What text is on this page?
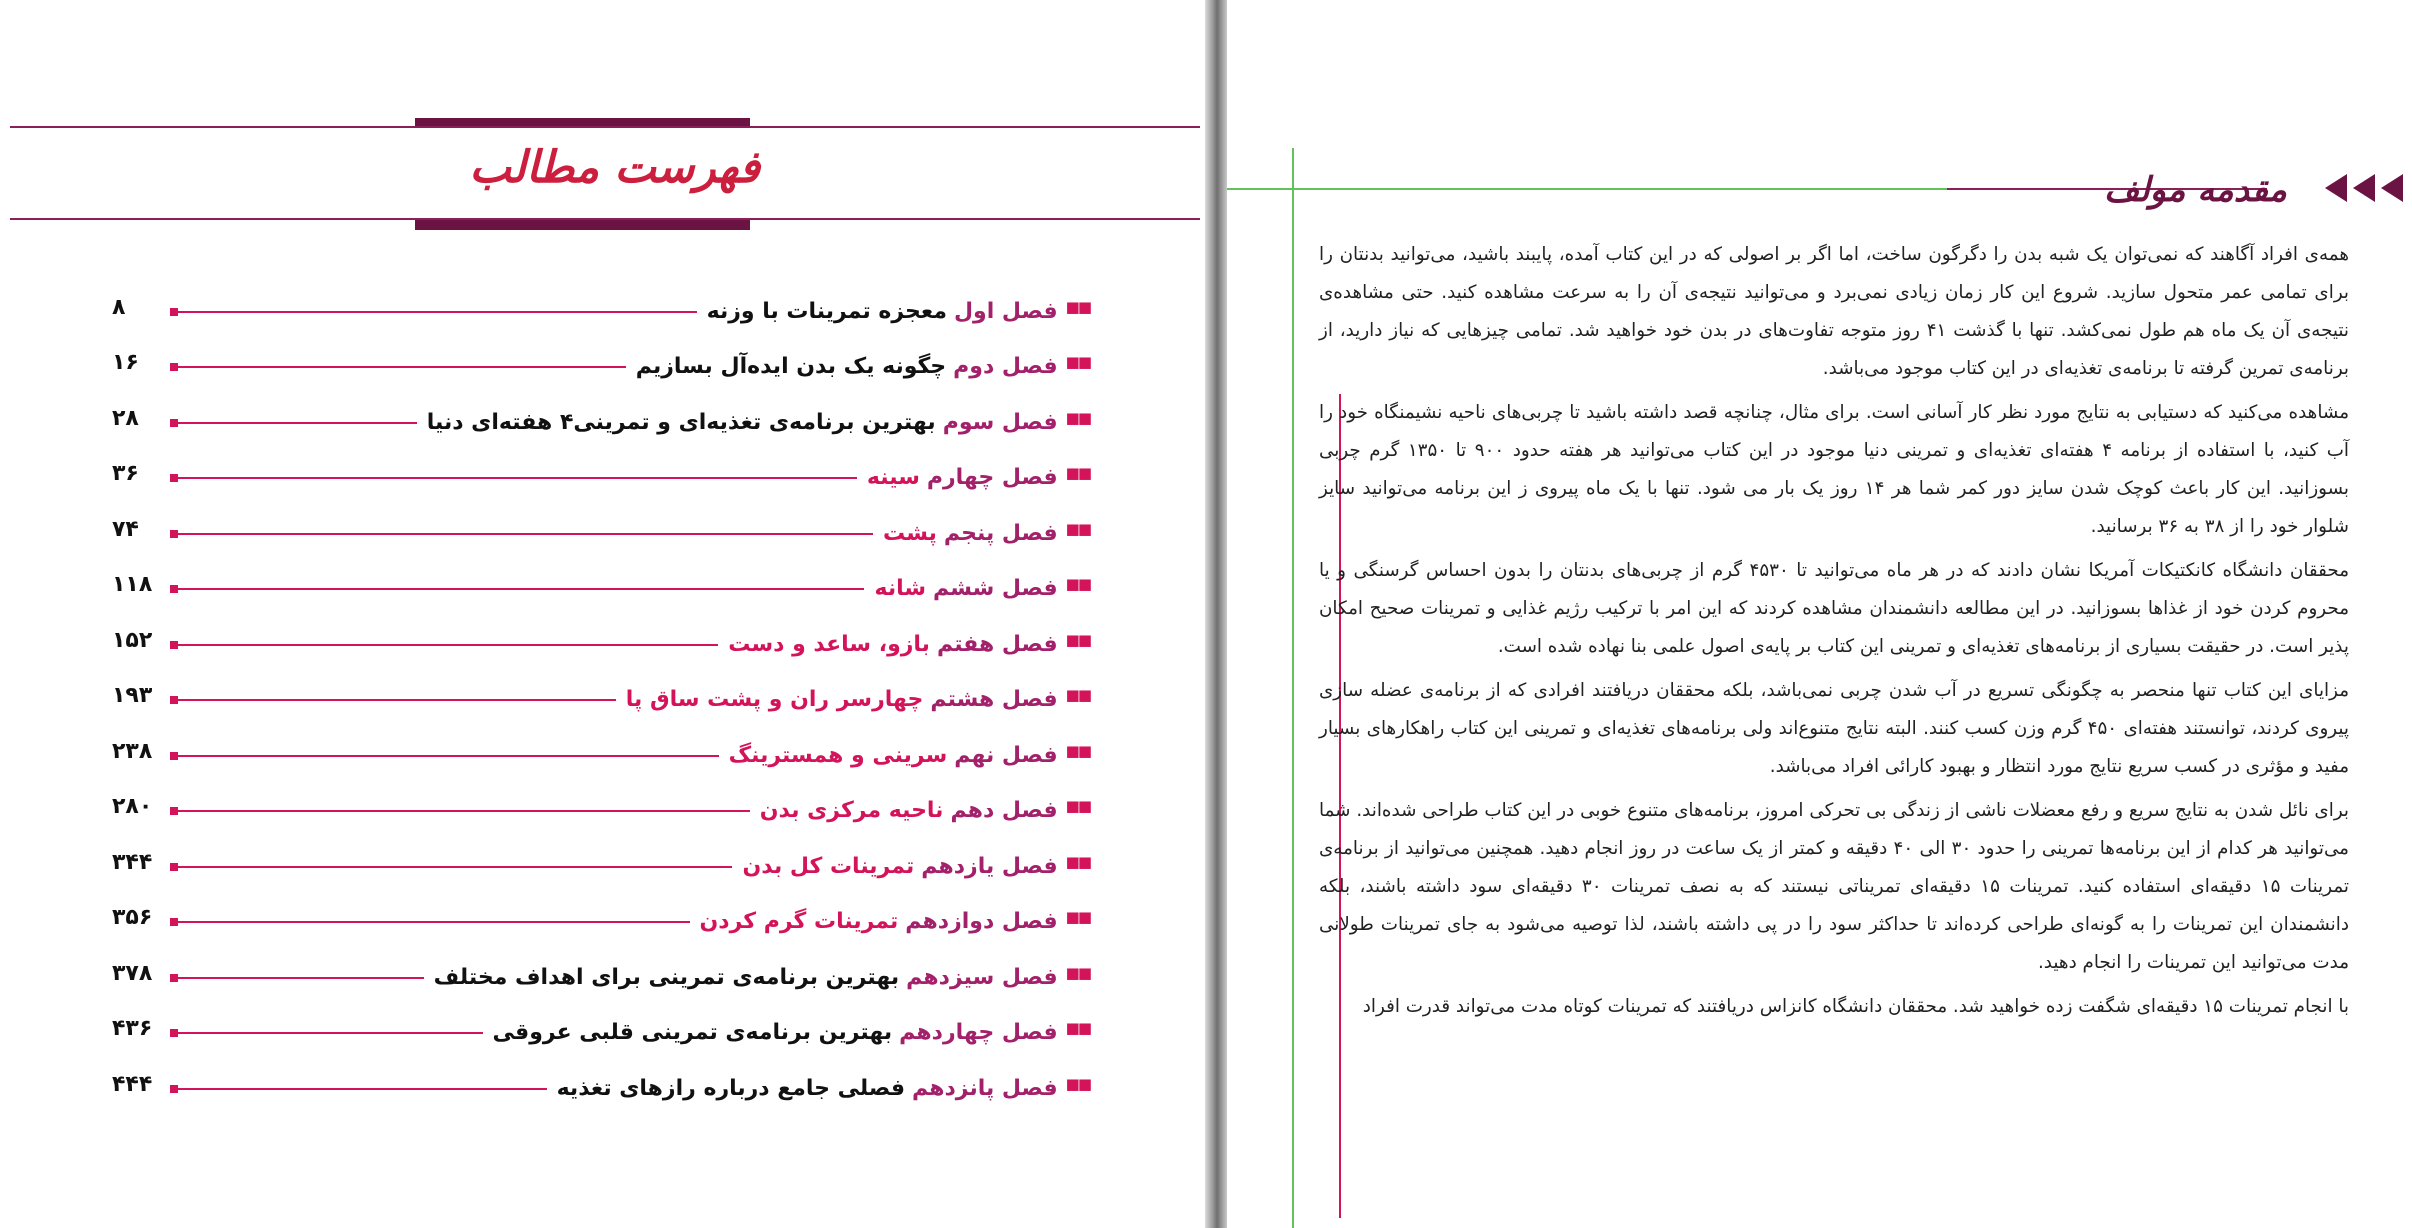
فهرست مطالب
■■
فصل اول
معجزه تمرینات با وزنه
۸
■■
فصل دوم
چگونه یک بدن ایده‌آل بسازیم
۱۶
■■
فصل سوم
بهترین برنامه‌ی تغذیه‌ای و تمرینی۴ هفته‌ای دنیا
۲۸
■■
فصل چهارم
سینه
۳۶
■■
فصل پنجم
پشت
۷۴
■■
فصل ششم
شانه
۱۱۸
■■
فصل هفتم
بازو، ساعد و دست
۱۵۲
■■
فصل هشتم
چهارسر ران و پشت ساق پا
۱۹۳
■■
فصل نهم
سرینی و همسترینگ
۲۳۸
■■
فصل دهم
ناحیه مرکزی بدن
۲۸۰
■■
فصل یازدهم
تمرینات کل بدن
۳۴۴
■■
فصل دوازدهم
تمرینات گرم کردن
۳۵۶
■■
فصل سیزدهم
بهترین برنامه‌ی تمرینی برای اهداف مختلف
۳۷۸
■■
فصل چهاردهم
بهترین برنامه‌ی تمرینی قلبی عروقی
۴۳۶
■■
فصل پانزدهم
فصلی جامع درباره رازهای تغذیه
۴۴۴
مقدمه مولف

همه‌ی افراد آگاهند که نمی‌توان یک شبه بدن را دگرگون ساخت، اما اگر بر اصولی که در این کتاب آمده، پایبند باشید، می‌توانید بدنتان را برای تمامی عمر متحول سازید. شروع این کار زمان زیادی نمی‌برد و می‌توانید نتیجه‌ی آن را به سرعت مشاهده کنید. حتی مشاهده‌ی نتیجه‌ی آن یک ماه هم طول نمی‌کشد. تنها با گذشت ۴۱ روز متوجه تفاوت‌های در بدن خود خواهید شد. تمامی چیزهایی که نیاز دارید، از برنامه‌ی تمرین گرفته تا برنامه‌ی تغذیه‌ای در این کتاب موجود می‌باشد.

مشاهده می‌کنید که دستیابی به نتایج مورد نظر کار آسانی است. برای مثال، چنانچه قصد داشته باشید تا چربی‌های ناحیه نشیمنگاه خود را آب کنید، با استفاده از برنامه ۴ هفته‌ای تغذیه‌ای و تمرینی دنیا موجود در این کتاب می‌توانید هر هفته حدود ۹۰۰ تا ۱۳۵۰ گرم چربی بسوزانید. این کار باعث کوچک شدن سایز دور کمر شما هر ۱۴ روز یک بار می شود. تنها با یک ماه پیروی ز این برنامه می‌توانید سایز شلوار خود را از ۳۸ به ۳۶ برسانید.

محققان دانشگاه کانکتیکات آمریکا نشان دادند که در هر ماه می‌توانید تا ۴۵۳۰ گرم از چربی‌های بدنتان را بدون احساس گرسنگی و یا محروم کردن خود از غذاها بسوزانید. در این مطالعه دانشمندان مشاهده کردند که این امر با ترکیب رژیم غذایی و تمرینات صحیح امکان پذیر است. در حقیقت بسیاری از برنامه‌های تغذیه‌ای و تمرینی این کتاب بر پایه‌ی اصول علمی بنا نهاده شده است.

مزایای این کتاب تنها منحصر به چگونگی تسریع در آب شدن چربی نمی‌باشد، بلکه محققان دریافتند افرادی که از برنامه‌ی عضله سازی پیروی کردند، توانستند هفته‌ای ۴۵۰ گرم وزن کسب کنند. البته نتایج متنوع‌اند ولی برنامه‌های تغذیه‌ای و تمرینی این کتاب راهکارهای بسیار مفید و مؤثری در کسب سریع نتایج مورد انتظار و بهبود کارائی افراد می‌باشد.

برای نائل شدن به نتایج سریع و رفع معضلات ناشی از زندگی بی تحرکی امروز، برنامه‌های متنوع خوبی در این کتاب طراحی شده‌اند. شما می‌توانید هر کدام از این برنامه‌ها تمرینی را حدود ۳۰ الی ۴۰ دقیقه و کمتر از یک ساعت در روز انجام دهید. همچنین می‌توانید از برنامه‌ی تمرینات ۱۵ دقیقه‌ای استفاده کنید. تمرینات ۱۵ دقیقه‌ای تمریناتی نیستند که به نصف تمرینات ۳۰ دقیقه‌ای سود داشته باشند، بلکه دانشمندان این تمرینات را به گونه‌ای طراحی کرده‌اند تا حداکثر سود را در پی داشته باشند، لذا توصیه می‌شود به جای تمرینات طولانی مدت می‌توانید این تمرینات را انجام دهید.

با انجام تمرینات ۱۵ دقیقه‌ای شگفت زده خواهید شد. محققان دانشگاه کانزاس دریافتند که تمرینات کوتاه مدت می‌تواند قدرت افراد
